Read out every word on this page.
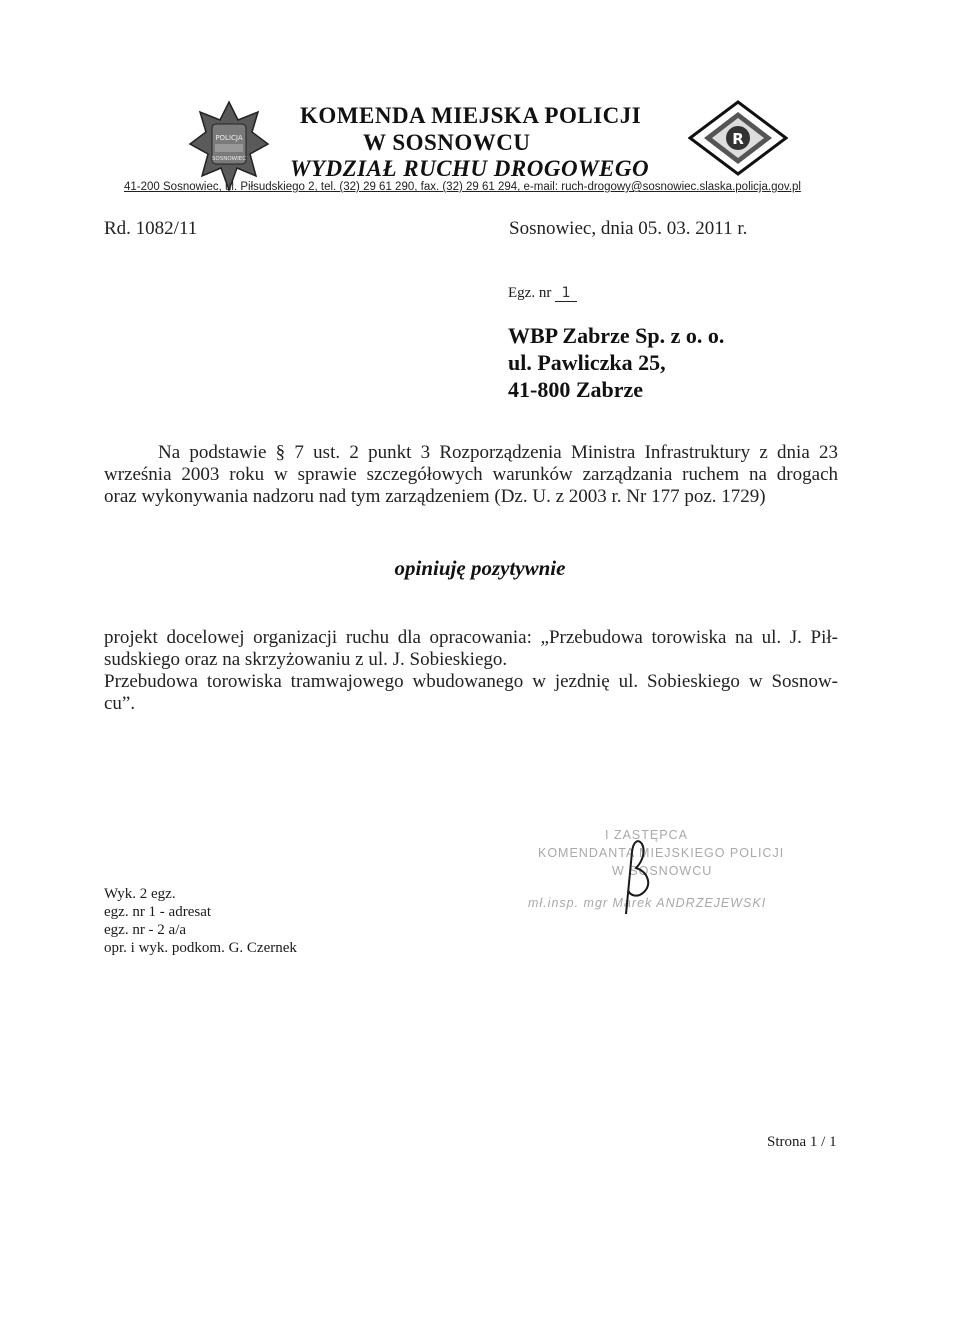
POLICJA
SOSNOWIEC
KOMENDA MIEJSKA POLICJI
W SOSNOWCU
WYDZIAŁ RUCHU DROGOWEGO
R
41-200 Sosnowiec, ul. Piłsudskiego 2, tel. (32) 29 61 290, fax. (32) 29 61 294, e-mail: ruch-drogowy@sosnowiec.slaska.policja.gov.pl
Rd. 1082/11	Sosnowiec, dnia 05. 03. 2011 r.
Egz. nr 1
WBP Zabrze Sp. z o. o.
ul. Pawliczka 25,
41-800 Zabrze
Na podstawie § 7 ust. 2 punkt 3 Rozporządzenia Ministra Infrastruktury z dnia 23
września 2003 roku w sprawie szczegółowych warunków zarządzania ruchem na drogach
oraz wykonywania nadzoru nad tym zarządzeniem (Dz. U. z 2003 r. Nr 177 poz. 1729)
opiniuję pozytywnie
projekt docelowej organizacji ruchu dla opracowania: „Przebudowa torowiska na ul. J. Pił-
sudskiego oraz na skrzyżowaniu z ul. J. Sobieskiego.
Przebudowa torowiska tramwajowego wbudowanego w jezdnię ul. Sobieskiego w Sosnow-
cu”.
I ZASTĘPCA
KOMENDANTA MIEJSKIEGO POLICJI
W SOSNOWCU
mł.insp. mgr Marek ANDRZEJEWSKI
Wyk. 2 egz.
egz. nr 1 - adresat
egz. nr - 2 a/a
opr. i wyk. podkom. G. Czernek
Strona 1 / 1
